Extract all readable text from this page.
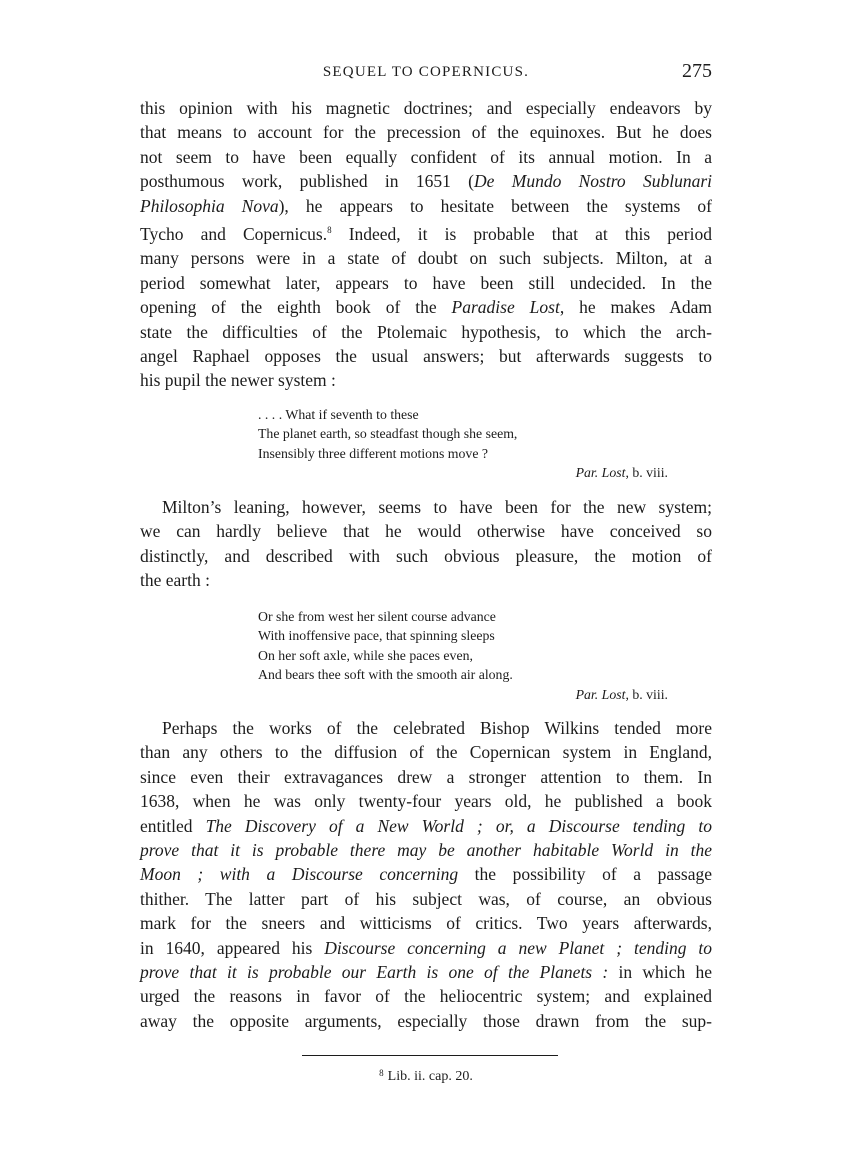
SEQUEL TO COPERNICUS.	275

this opinion with his magnetic doctrines; and especially endeavors by
that means to account for the precession of the equinoxes. But he does
not seem to have been equally confident of its annual motion. In a
posthumous work, published in 1651 (De Mundo Nostro Sublunari
Philosophia Nova), he appears to hesitate between the systems of
Tycho and Copernicus.$^8$ Indeed, it is probable that at this period
many persons were in a state of doubt on such subjects. Milton, at a
period somewhat later, appears to have been still undecided. In the
opening of the eighth book of the Paradise Lost, he makes Adam
state the difficulties of the Ptolemaic hypothesis, to which the arch-
angel Raphael opposes the usual answers; but afterwards suggests to
his pupil the newer system :

. . . . What if seventh to these
The planet earth, so steadfast though she seem,
Insensibly three different motions move ?
Par. Lost, b. viii.

Milton’s leaning, however, seems to have been for the new system;
we can hardly believe that he would otherwise have conceived so
distinctly, and described with such obvious pleasure, the motion of
the earth :

Or she from west her silent course advance
With inoffensive pace, that spinning sleeps
On her soft axle, while she paces even,
And bears thee soft with the smooth air along.
Par. Lost, b. viii.

Perhaps the works of the celebrated Bishop Wilkins tended more
than any others to the diffusion of the Copernican system in England,
since even their extravagances drew a stronger attention to them. In
1638, when he was only twenty-four years old, he published a book
entitled The Discovery of a New World ; or, a Discourse tending to
prove that it is probable there may be another habitable World in the
Moon ; with a Discourse concerning the possibility of a passage
thither. The latter part of his subject was, of course, an obvious
mark for the sneers and witticisms of critics. Two years afterwards,
in 1640, appeared his Discourse concerning a new Planet ; tending to
prove that it is probable our Earth is one of the Planets : in which he
urged the reasons in favor of the heliocentric system; and explained
away the opposite arguments, especially those drawn from the sup-

$^8$ Lib. ii. cap. 20.
